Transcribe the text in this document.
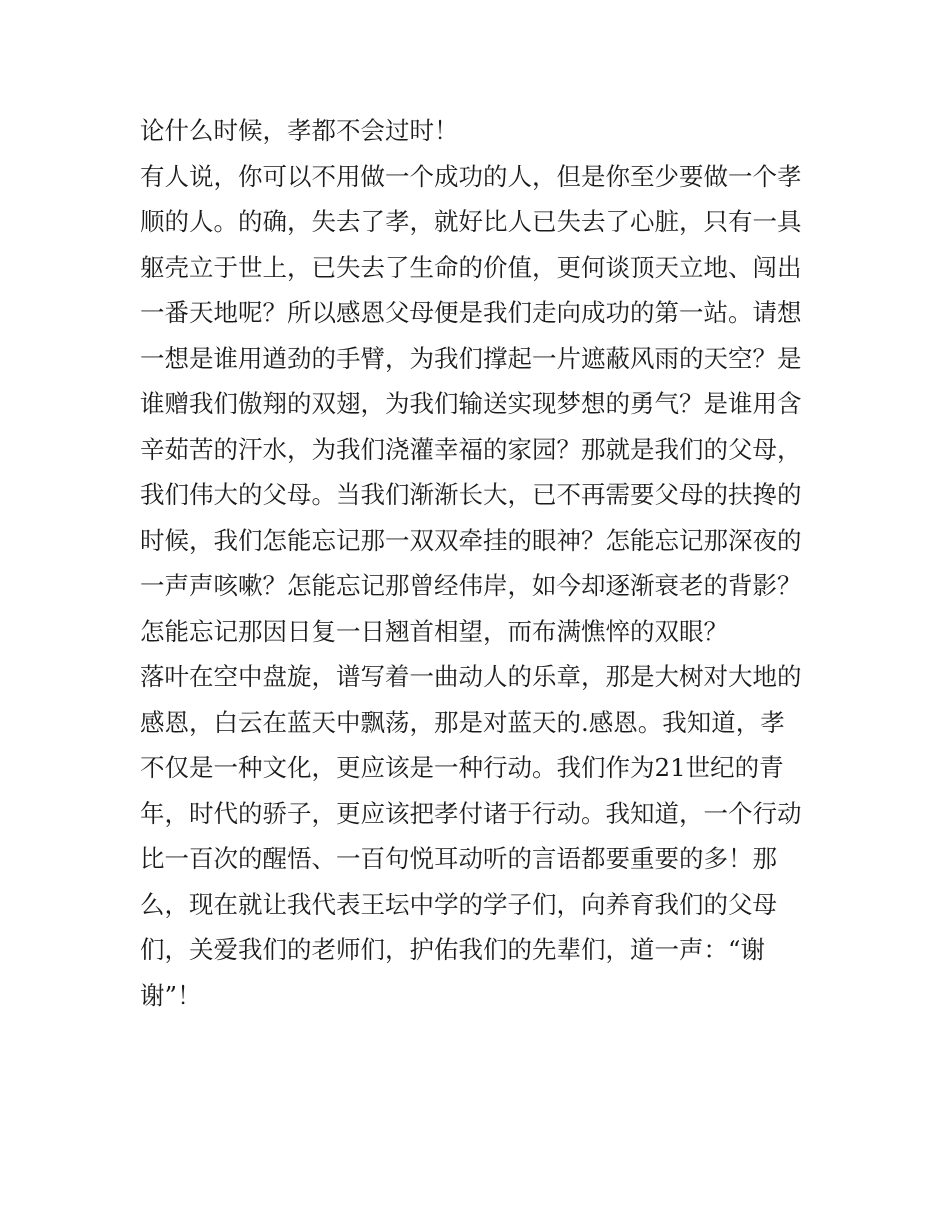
论什么时候，孝都不会过时！
有人说，你可以不用做一个成功的人，但是你至少要做一个孝
顺的人。的确，失去了孝，就好比人已失去了心脏，只有一具
躯壳立于世上，已失去了生命的价值，更何谈顶天立地、闯出
一番天地呢？所以感恩父母便是我们走向成功的第一站。请想
一想是谁用遒劲的手臂，为我们撑起一片遮蔽风雨的天空？是
谁赠我们傲翔的双翅，为我们输送实现梦想的勇气？是谁用含
辛茹苦的汗水，为我们浇灌幸福的家园？那就是我们的父母，
我们伟大的父母。当我们渐渐长大，已不再需要父母的扶搀的
时候，我们怎能忘记那一双双牵挂的眼神？怎能忘记那深夜的
一声声咳嗽？怎能忘记那曾经伟岸，如今却逐渐衰老的背影？
怎能忘记那因日复一日翘首相望，而布满憔悴的双眼？
落叶在空中盘旋，谱写着一曲动人的乐章，那是大树对大地的
感恩，白云在蓝天中飘荡，那是对蓝天的.感恩。我知道，孝
不仅是一种文化，更应该是一种行动。我们作为21世纪的青
年，时代的骄子，更应该把孝付诸于行动。我知道，一个行动
比一百次的醒悟、一百句悦耳动听的言语都要重要的多！那
么，现在就让我代表王坛中学的学子们，向养育我们的父母
们，关爱我们的老师们，护佑我们的先辈们，道一声：“谢
谢”！
